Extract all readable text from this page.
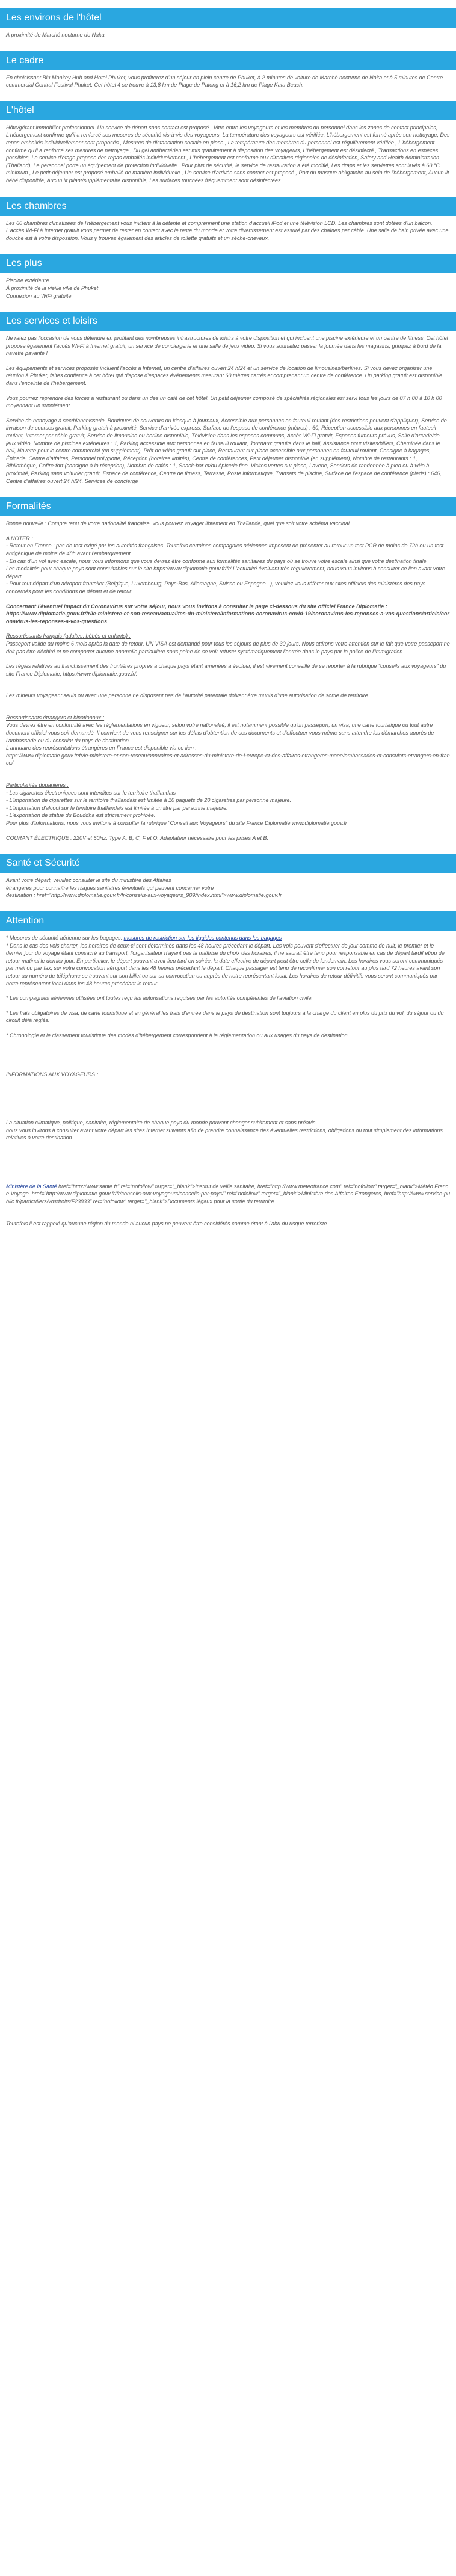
Les environs de l'hôtel

À proximité de Marché nocturne de Naka

Le cadre

En choisissant Blu Monkey Hub and Hotel Phuket, vous profiterez d'un séjour en plein centre de Phuket, à 2 minutes de voiture de Marché nocturne de Naka et à 5 minutes de Centre commercial Central Festival Phuket. Cet hôtel 4 se trouve à 13,8 km de Plage de Patong et à 16,2 km de Plage Kata Beach.

L'hôtel

Hôte/gérant immobilier professionnel. Un service de départ sans contact est proposé., Vitre entre les voyageurs et les membres du personnel dans les zones de contact principales, L'hébergement confirme qu'il a renforcé ses mesures de sécurité vis-à-vis des voyageurs, La température des voyageurs est vérifiée, L'hébergement est fermé après son nettoyage, Des repas emballés individuellement sont proposés., Mesures de distanciation sociale en place., La température des membres du personnel est régulièrement vérifiée., L'hébergement confirme qu'il a renforcé ses mesures de nettoyage., Du gel antibactérien est mis gratuitement à disposition des voyageurs, L'hébergement est désinfecté., Transactions en espèces possibles, Le service d'étage propose des repas emballés individuellement., L'hébergement est conforme aux directives régionales de désinfection, Safety and Health Administration (Thailand), Le personnel porte un équipement de protection individuelle., Pour plus de sécurité, le service de restauration a été modifié, Les draps et les serviettes sont lavés à 60 °C minimum., Le petit-déjeuner est proposé emballé de manière individuelle., Un service d'arrivée sans contact est proposé., Port du masque obligatoire au sein de l'hébergement, Aucun lit bébé disponible, Aucun lit pliant/supplémentaire disponible, Les surfaces touchées fréquemment sont désinfectées.

Les chambres

Les 60 chambres climatisées de l'hébergement vous invitent à la détente et comprennent une station d'accueil iPod et une télévision LCD. Les chambres sont dotées d'un balcon. L'accès Wi-Fi à Internet gratuit vous permet de rester en contact avec le reste du monde et votre divertissement est assuré par des chaînes par câble. Une salle de bain privée avec une douche est à votre disposition. Vous y trouvez également des articles de toilette gratuits et un sèche-cheveux.

Les plus

Piscine extérieure

À proximité de la vieille ville de Phuket

Connexion au WiFi gratuite

Les services et loisirs

Ne ratez pas l'occasion de vous détendre en profitant des nombreuses infrastructures de loisirs à votre disposition et qui incluent une piscine extérieure et un centre de fitness. Cet hôtel propose également l'accès Wi-Fi à Internet gratuit, un service de conciergerie et une salle de jeux vidéo. Si vous souhaitez passer la journée dans les magasins, grimpez à bord de la navette payante !

Les équipements et services proposés incluent l'accès à Internet, un centre d'affaires ouvert 24 h/24 et un service de location de limousines/berlines. Si vous devez organiser une réunion à Phuket, faites confiance à cet hôtel qui dispose d'espaces événements mesurant 60 mètres carrés et comprenant un centre de conférence. Un parking gratuit est disponible dans l'enceinte de l'hébergement.

Vous pourrez reprendre des forces à restaurant ou dans un des un café de cet hôtel. Un petit déjeuner composé de spécialités régionales est servi tous les jours de 07 h 00 à 10 h 00 moyennant un supplément.

Service de nettoyage à sec/blanchisserie, Boutiques de souvenirs ou kiosque à journaux, Accessible aux personnes en fauteuil roulant (des restrictions peuvent s'appliquer), Service de livraison de courses gratuit, Parking gratuit à proximité, Service d'arrivée express, Surface de l'espace de conférence (mètres) : 60, Réception accessible aux personnes en fauteuil roulant, Internet par câble gratuit, Service de limousine ou berline disponible, Télévision dans les espaces communs, Accès Wi-Fi gratuit, Espaces fumeurs prévus, Salle d'arcade/de jeux vidéo, Nombre de piscines extérieures : 1, Parking accessible aux personnes en fauteuil roulant, Journaux gratuits dans le hall, Assistance pour visites/billets, Cheminée dans le hall, Navette pour le centre commercial (en supplément), Prêt de vélos gratuit sur place, Restaurant sur place accessible aux personnes en fauteuil roulant, Consigne à bagages, Épicerie, Centre d'affaires, Personnel polyglotte, Réception (horaires limités), Centre de conférences, Petit déjeuner disponible (en supplément), Nombre de restaurants : 1, Bibliothèque, Coffre-fort (consigne à la réception), Nombre de cafés : 1, Snack-bar et/ou épicerie fine, Visites vertes sur place, Laverie, Sentiers de randonnée à pied ou à vélo à proximité, Parking sans voiturier gratuit, Espace de conférence, Centre de fitness, Terrasse, Poste informatique, Transats de piscine, Surface de l'espace de conférence (pieds) : 646, Centre d'affaires ouvert 24 h/24, Services de concierge

Formalités

Bonne nouvelle : Compte tenu de votre nationalité française, vous pouvez voyager librement en Thaïlande, quel que soit votre schéma vaccinal.

A NOTER :

- Retour en France : pas de test exigé par les autorités françaises. Toutefois certaines compagnies aériennes imposent de présenter au retour un test PCR de moins de 72h ou un test antigénique de moins de 48h avant l'embarquement.

- En cas d'un vol avec escale, nous vous informons que vous devrez être conforme aux formalités sanitaires du pays où se trouve votre escale ainsi que votre destination finale.

Les modalités pour chaque pays sont consultables sur le site https://www.diplomatie.gouv.fr/fr/ L'actualité évoluant très régulièrement, nous vous invitons à consulter ce lien avant votre départ.

- Pour tout départ d'un aéroport frontalier (Belgique, Luxembourg, Pays-Bas, Allemagne, Suisse ou Espagne...), veuillez vous référer aux sites officiels des ministères des pays concernés pour les conditions de départ et de retour.

Concernant l'éventuel impact du Coronavirus sur votre séjour, nous vous invitons à consulter la page ci-dessous du site officiel France Diplomatie :

https://www.diplomatie.gouv.fr/fr/le-ministere-et-son-reseau/actualites-du-ministere/informations-coronavirus-covid-19/coronavirus-les-reponses-a-vos-questions/article/coronavirus-les-reponses-a-vos-questions

Ressortissants français (adultes, bébés et enfants) :

Passeport valide au moins 6 mois après la date de retour. UN VISA est demandé pour tous les séjours de plus de 30 jours. Nous attirons votre attention sur le fait que votre passeport ne doit pas être déchiré et ne comporter aucune anomalie particulière sous peine de se voir refuser systématiquement l'entrée dans le pays par la police de l'immigration.

Les règles relatives au franchissement des frontières propres à chaque pays étant amenées à évoluer, il est vivement conseillé de se reporter à la rubrique "conseils aux voyageurs" du site France Diplomatie, https://www.diplomatie.gouv.fr/.

Les mineurs voyageant seuls ou avec une personne ne disposant pas de l'autorité parentale doivent être munis d'une autorisation de sortie de territoire.

Ressortissants étrangers et binationaux :

Vous devrez être en conformité avec les réglementations en vigueur, selon votre nationalité, il est notamment possible qu'un passeport, un visa, une carte touristique ou tout autre document officiel vous soit demandé. Il convient de vous renseigner sur les délais d'obtention de ces documents et d'effectuer vous-même sans attendre les démarches auprès de l'ambassade ou du consulat du pays de destination.

L'annuaire des représentations étrangères en France est disponible via ce lien :

https://www.diplomatie.gouv.fr/fr/le-ministere-et-son-reseau/annuaires-et-adresses-du-ministere-de-l-europe-et-des-affaires-etrangeres-maee/ambassades-et-consulats-etrangers-en-france/

Particularités douanières :

- Les cigarettes électroniques sont interdites sur le territoire thaïlandais

- L'importation de cigarettes sur le territoire thaïlandais est limitée à 10 paquets de 20 cigarettes par personne majeure.

- L'importation d'alcool sur le territoire thaïlandais est limitée à un litre par personne majeure.

- L'exportation de statue du Bouddha est strictement prohibée.

Pour plus d'informations, nous vous invitons à consulter la rubrique "Conseil aux Voyageurs" du site France Diplomatie www.diplomatie.gouv.fr

COURANT ÉLECTRIQUE : 220V et 50Hz. Type A, B, C, F et O. Adaptateur nécessaire pour les prises A et B.

Santé et Sécurité

Avant votre départ, veuillez consulter le site du ministère des Affaires

étrangères pour connaître les risques sanitaires éventuels qui peuvent concerner votre

destination : href="http://www.diplomatie.gouv.fr/fr/conseils-aux-voyageurs_909/index.html">www.diplomatie.gouv.fr

Attention

* Mesures de sécurité aérienne sur les bagages: mesures de restriction sur les liquides contenus dans les bagages

* Dans le cas des vols charter, les horaires de ceux-ci sont déterminés dans les 48 heures précédant le départ. Les vols peuvent s'effectuer de jour comme de nuit; le premier et le dernier jour du voyage étant consacré au transport, l'organisateur n'ayant pas la maîtrise du choix des horaires, il ne saurait être tenu pour responsable en cas de départ tardif et/ou de retour matinal le dernier jour. En particulier, le départ pouvant avoir lieu tard en soirée, la date effective de départ peut être celle du lendemain. Les horaires vous seront communiqués par mail ou par fax, sur votre convocation aéroport dans les 48 heures précédant le départ. Chaque passager est tenu de reconfirmer son vol retour au plus tard 72 heures avant son retour au numéro de téléphone se trouvant sur son billet ou sur sa convocation ou auprès de notre représentant local. Les horaires de retour définitifs vous seront communiqués par notre représentant local dans les 48 heures précédant le retour.

* Les compagnies aériennes utilisées ont toutes reçu les autorisations requises par les autorités compétentes de l'aviation civile.

* Les frais obligatoires de visa, de carte touristique et en général les frais d'entrée dans le pays de destination sont toujours à la charge du client en plus du prix du vol, du séjour ou du circuit déjà réglés.

* Chronologie et le classement touristique des modes d'hébergement correspondent à la réglementation ou aux usages du pays de destination.

INFORMATIONS AUX VOYAGEURS :

La situation climatique, politique, sanitaire, réglementaire de chaque pays du monde pouvant changer subitement et sans préavis

nous vous invitons à consulter avant votre départ les sites Internet suivants afin de prendre connaissance des éventuelles restrictions, obligations ou tout simplement des informations relatives à votre destination.

Ministère de la Santé href="http://www.sante.fr" rel="nofollow" target="_blank">Institut de veille sanitaire, href="http://www.meteofrance.com" rel="nofollow" target="_blank">Météo France Voyage, href="http://www.diplomatie.gouv.fr/fr/conseils-aux-voyageurs/conseils-par-pays/" rel="nofollow" target="_blank">Ministère des Affaires Étrangères, href="http://www.service-public.fr/particuliers/vosdroits/F23833" rel="nofollow" target="_blank">Documents légaux pour la sortie du territoire.

Toutefois il est rappelé qu'aucune région du monde ni aucun pays ne peuvent être considérés comme étant à l'abri du risque terroriste.
